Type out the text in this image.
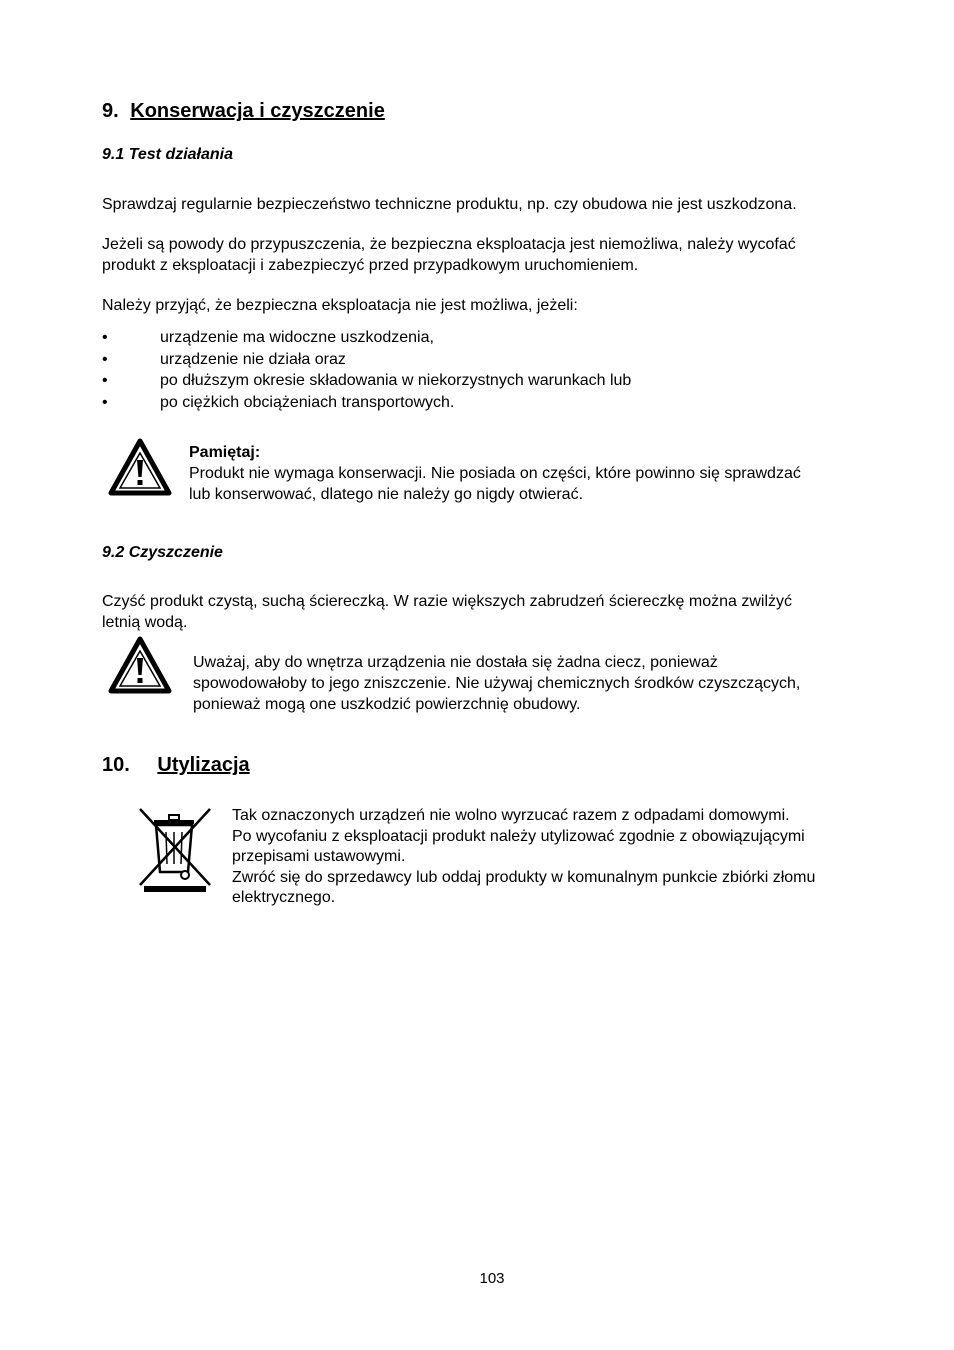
9. Konserwacja i czyszczenie
9.1 Test działania
Sprawdzaj regularnie bezpieczeństwo techniczne produktu, np. czy obudowa nie jest uszkodzona.
Jeżeli są powody do przypuszczenia, że bezpieczna eksploatacja jest niemożliwa, należy wycofać
produkt z eksploatacji i zabezpieczyć przed przypadkowym uruchomieniem.
Należy przyjąć, że bezpieczna eksploatacja nie jest możliwa, jeżeli:
• urządzenie ma widoczne uszkodzenia,
• urządzenie nie działa oraz
• po dłuższym okresie składowania w niekorzystnych warunkach lub
• po ciężkich obciążeniach transportowych.
Pamiętaj:
Produkt nie wymaga konserwacji. Nie posiada on części, które powinno się sprawdzać
lub konserwować, dlatego nie należy go nigdy otwierać.
9.2 Czyszczenie
Czyść produkt czystą, suchą ściereczką. W razie większych zabrudzeń ściereczkę można zwilżyć
letnią wodą.
Uważaj, aby do wnętrza urządzenia nie dostała się żadna ciecz, ponieważ
spowodowałoby to jego zniszczenie. Nie używaj chemicznych środków czyszczących,
ponieważ mogą one uszkodzić powierzchnię obudowy.
10. Utylizacja
Tak oznaczonych urządzeń nie wolno wyrzucać razem z odpadami domowymi.
Po wycofaniu z eksploatacji produkt należy utylizować zgodnie z obowiązującymi
przepisami ustawowymi.
Zwróć się do sprzedawcy lub oddaj produkty w komunalnym punkcie zbiórki złomu
elektrycznego.
103
